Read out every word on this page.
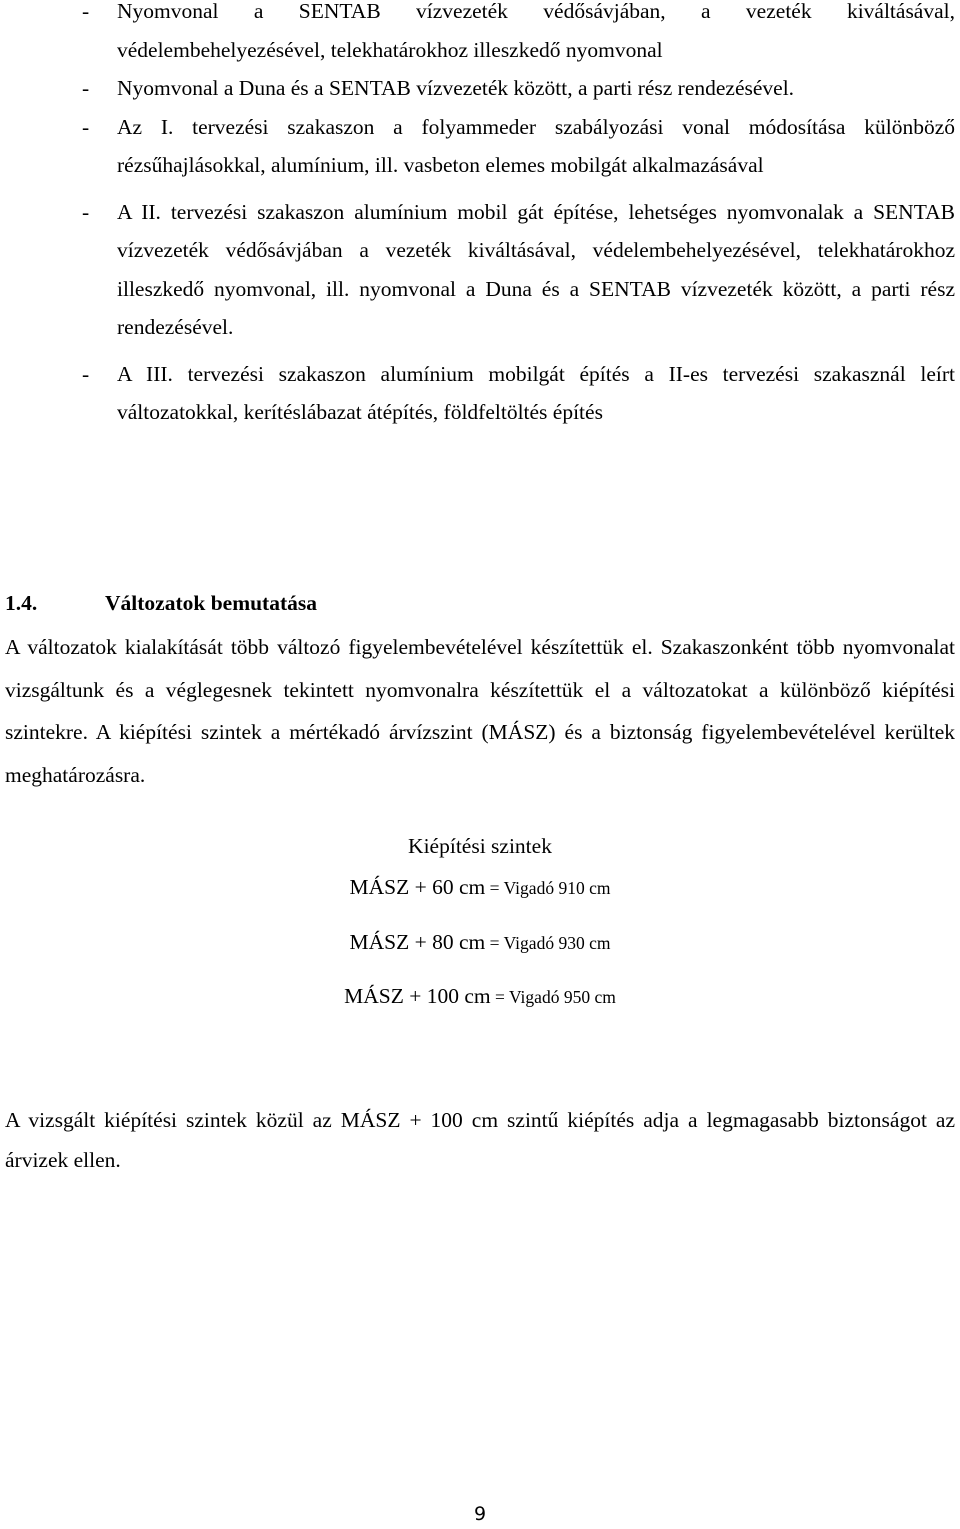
- Nyomvonal a SENTAB vízvezeték védősávjában, a vezeték kiváltásával, védelembehelyezésével, telekhatárokhoz illeszkedő nyomvonal
- Nyomvonal a Duna és a SENTAB vízvezeték között, a parti rész rendezésével.
- Az I. tervezési szakaszon a folyammeder szabályozási vonal módosítása különböző rézsűhajlásokkal, alumínium, ill. vasbeton elemes mobilgát alkalmazásával
- A II. tervezési szakaszon alumínium mobil gát építése, lehetséges nyomvonalak a SENTAB vízvezeték védősávjában a vezeték kiváltásával, védelembehelyezésével, telekhatárokhoz illeszkedő nyomvonal, ill. nyomvonal a Duna és a SENTAB vízvezeték között, a parti rész rendezésével.
- A III. tervezési szakaszon alumínium mobilgát építés a II-es tervezési szakasznál leírt változatokkal, kerítéslábazat átépítés, földfeltöltés építés
1.4.	Változatok bemutatása

A változatok kialakítását több változó figyelembevételével készítettük el. Szakaszonként több nyomvonalat vizsgáltunk és a véglegesnek tekintett nyomvonalra készítettük el a változatokat a különböző kiépítési szintekre. A kiépítési szintek a mértékadó árvízszint (MÁSZ) és a biztonság figyelembevételével kerültek meghatározásra.

Kiépítési szintek
MÁSZ + 60 cm = Vigadó 910 cm
MÁSZ + 80 cm = Vigadó 930 cm
MÁSZ + 100 cm = Vigadó 950 cm

A vizsgált kiépítési szintek közül az MÁSZ + 100 cm szintű kiépítés adja a legmagasabb biztonságot az árvizek ellen.

9
